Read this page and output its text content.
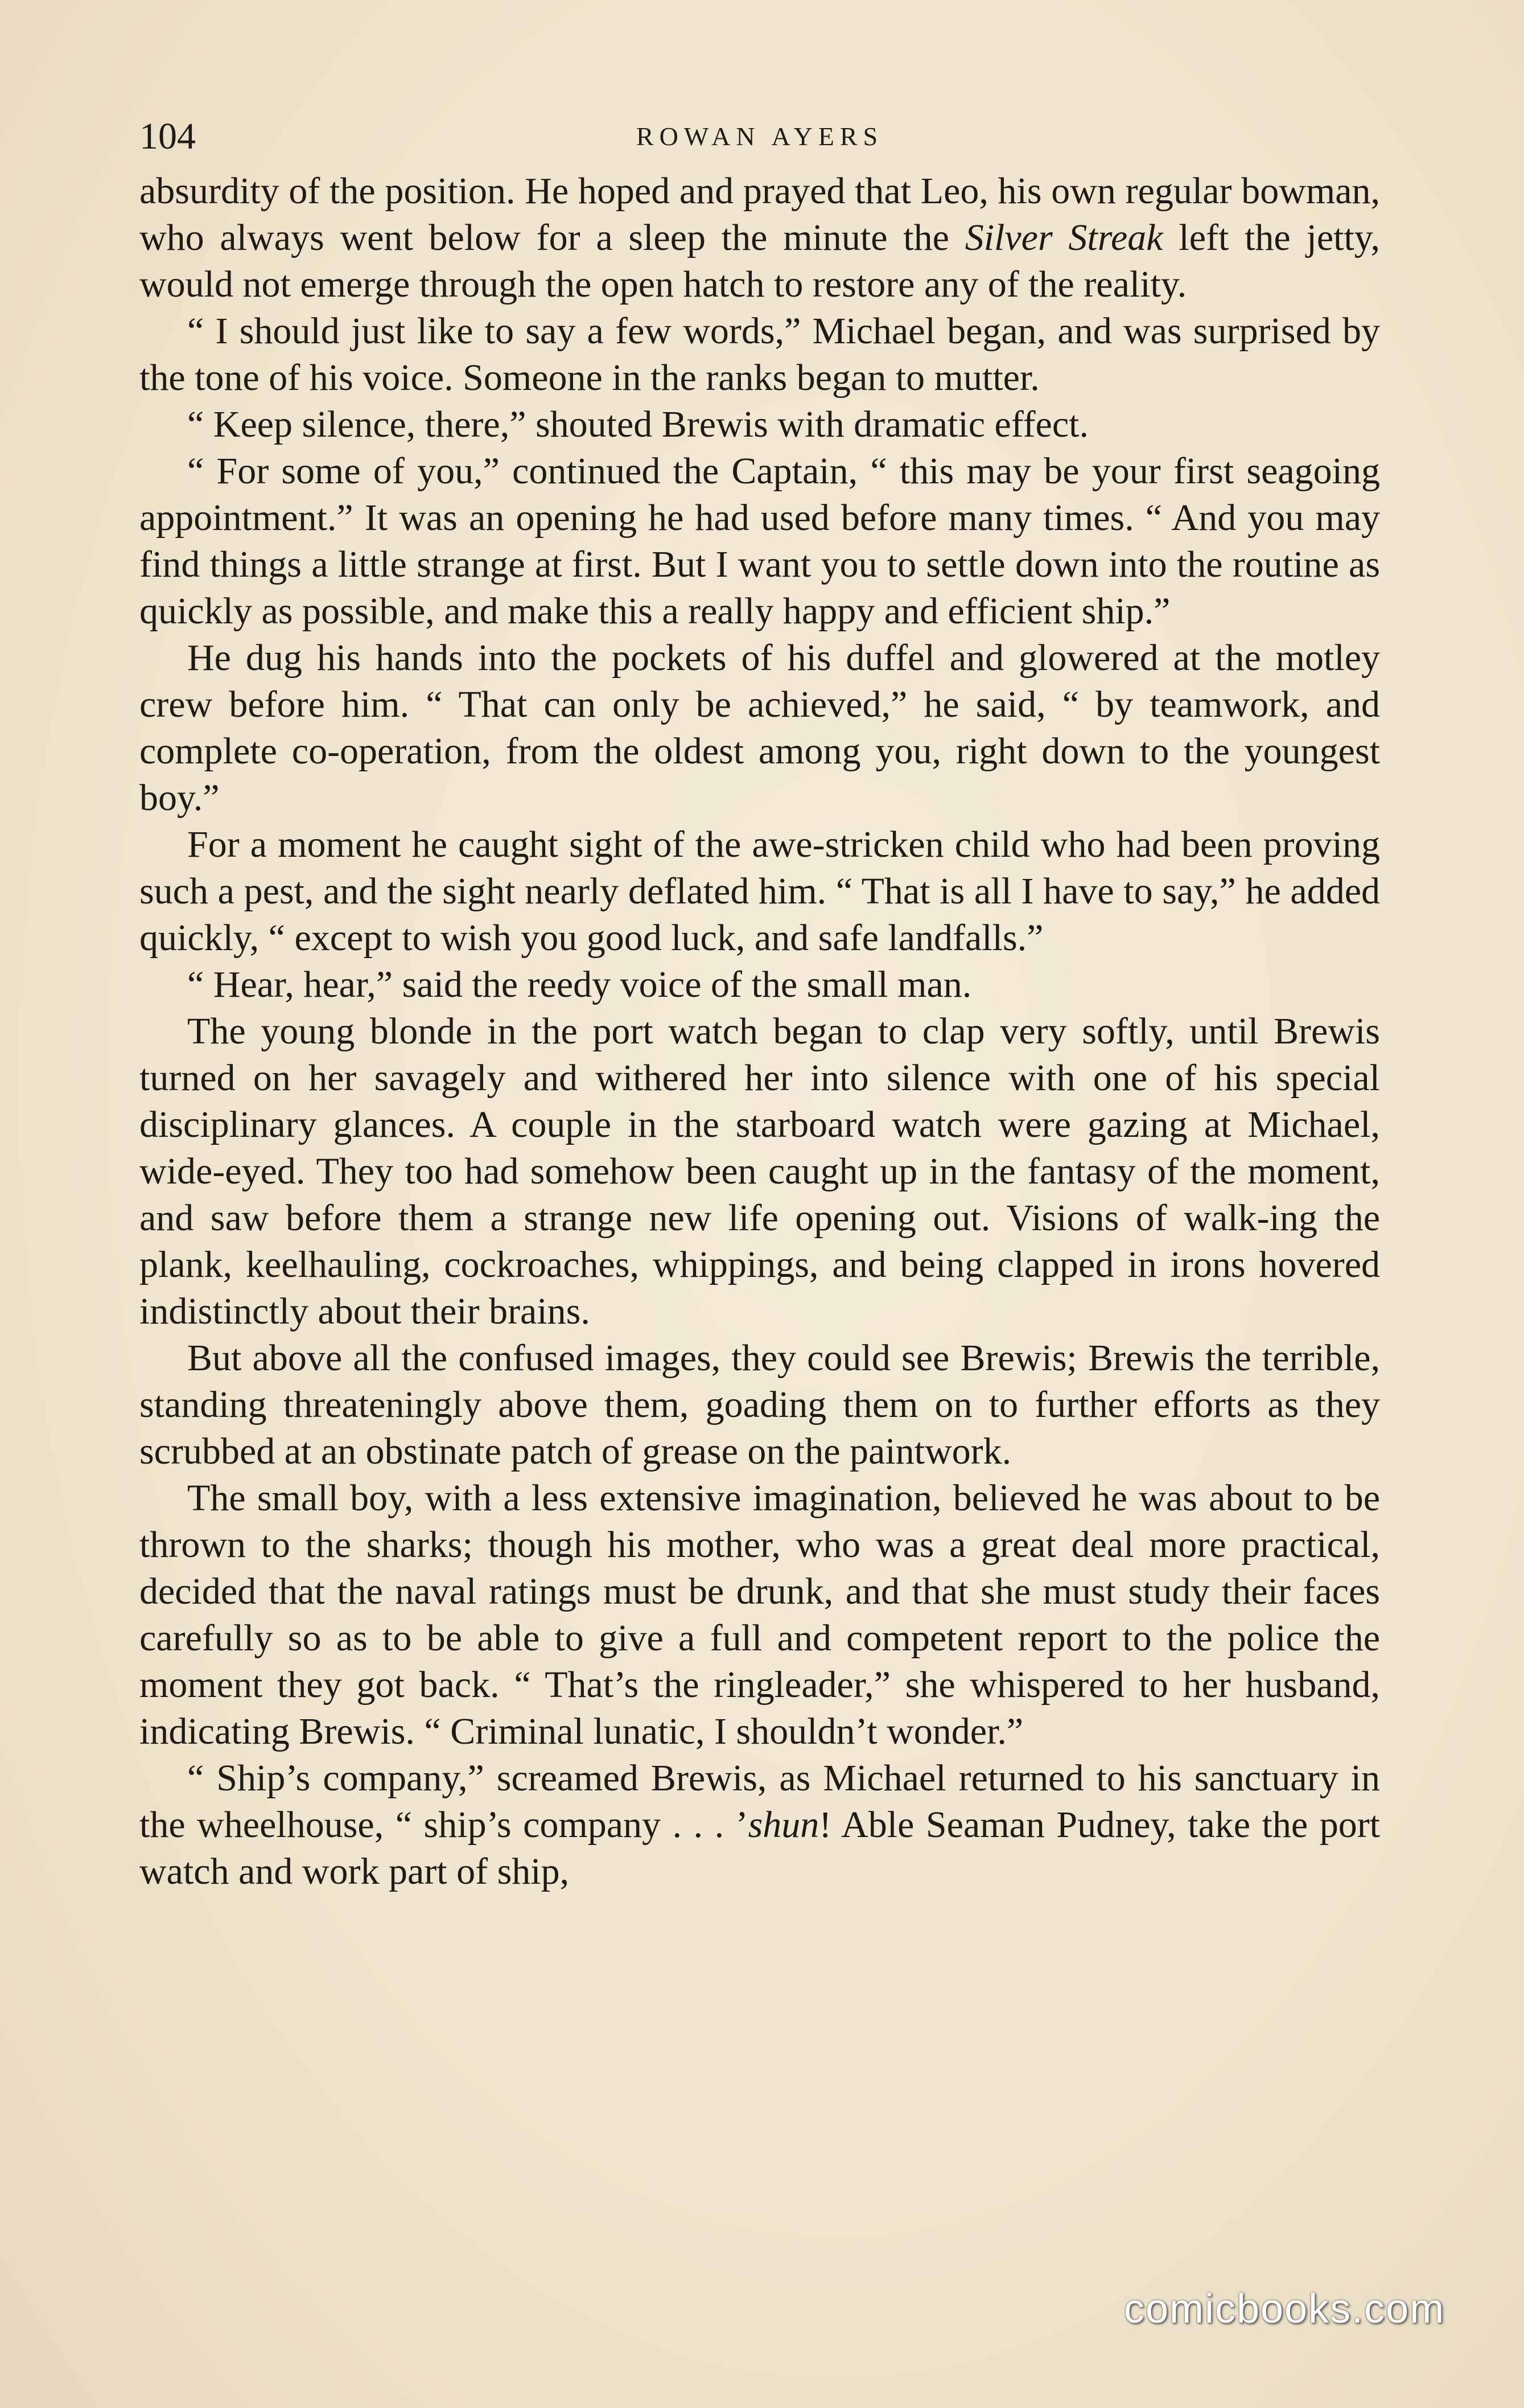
104	ROWAN AYERS

absurdity of the position. He hoped and prayed that Leo, his own regular bowman, who always went below for a sleep the minute the Silver Streak left the jetty, would not emerge through the open hatch to restore any of the reality.

“ I should just like to say a few words,” Michael began, and was surprised by the tone of his voice. Someone in the ranks began to mutter.

“ Keep silence, there,” shouted Brewis with dramatic effect.

“ For some of you,” continued the Captain, “ this may be your first seagoing appointment.” It was an opening he had used before many times. “ And you may find things a little strange at first. But I want you to settle down into the routine as quickly as possible, and make this a really happy and efficient ship.”

He dug his hands into the pockets of his duffel and glowered at the motley crew before him. “ That can only be achieved,” he said, “ by teamwork, and complete co-operation, from the oldest among you, right down to the youngest boy.”

For a moment he caught sight of the awe-stricken child who had been proving such a pest, and the sight nearly deflated him. “ That is all I have to say,” he added quickly, “ except to wish you good luck, and safe landfalls.”

“ Hear, hear,” said the reedy voice of the small man.

The young blonde in the port watch began to clap very softly, until Brewis turned on her savagely and withered her into silence with one of his special disciplinary glances. A couple in the starboard watch were gazing at Michael, wide-eyed. They too had somehow been caught up in the fantasy of the moment, and saw before them a strange new life opening out. Visions of walk-ing the plank, keelhauling, cockroaches, whippings, and being clapped in irons hovered indistinctly about their brains.

But above all the confused images, they could see Brewis; Brewis the terrible, standing threateningly above them, goading them on to further efforts as they scrubbed at an obstinate patch of grease on the paintwork.

The small boy, with a less extensive imagination, believed he was about to be thrown to the sharks; though his mother, who was a great deal more practical, decided that the naval ratings must be drunk, and that she must study their faces carefully so as to be able to give a full and competent report to the police the moment they got back. “ That’s the ringleader,” she whispered to her husband, indicating Brewis. “ Criminal lunatic, I shouldn’t wonder.”

“ Ship’s company,” screamed Brewis, as Michael returned to his sanctuary in the wheelhouse, “ ship’s company . . . ’shun! Able Seaman Pudney, take the port watch and work part of ship,

comicbooks.com
